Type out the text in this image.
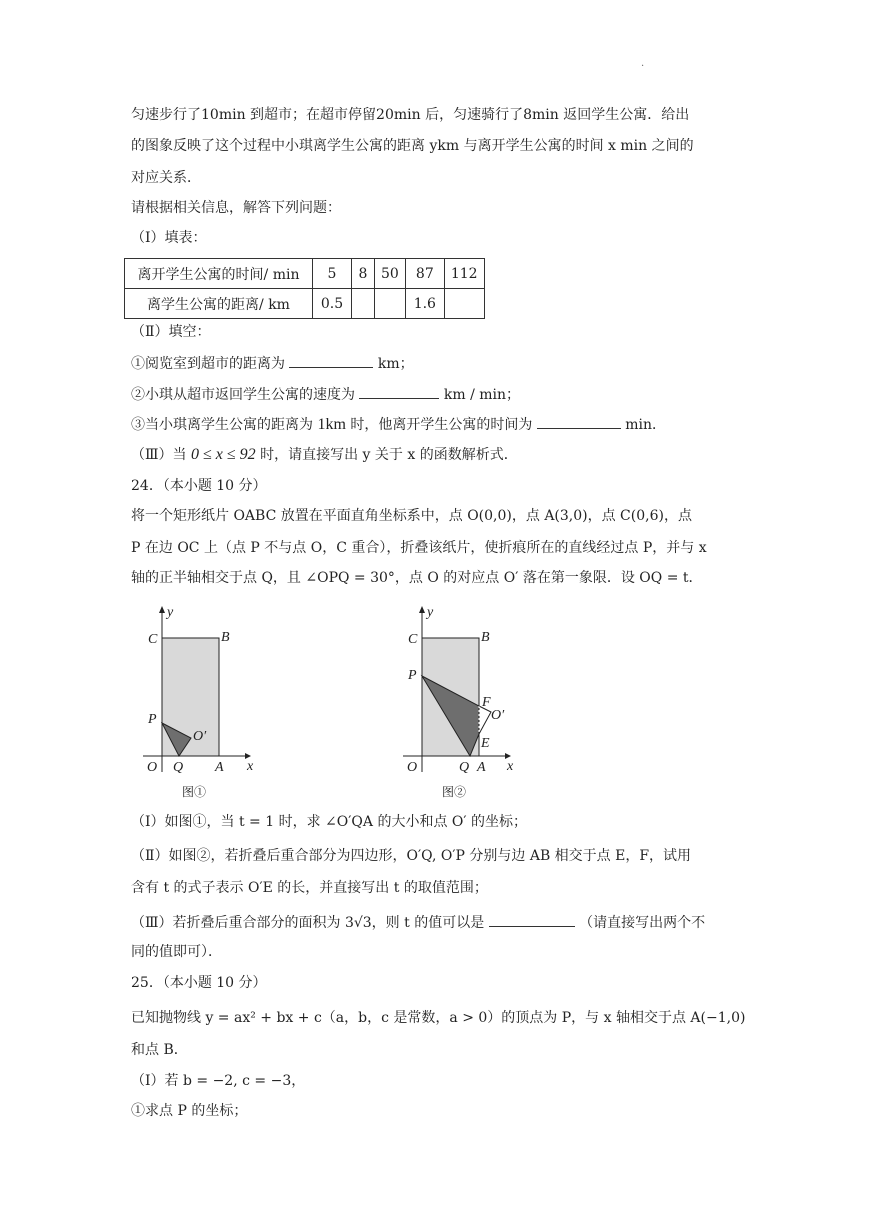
.
匀速步行了10min 到超市；在超市停留20min 后，匀速骑行了8min 返回学生公寓．给出
的图象反映了这个过程中小琪离学生公寓的距离 ykm 与离开学生公寓的时间 x min 之间的
对应关系．
请根据相关信息，解答下列问题：
（Ⅰ）填表：
离开学生公寓的时间/ min	5	8	50	87	112
离学生公寓的距离/ km	0.5			1.6	
（Ⅱ）填空：
①阅览室到超市的距离为	km；
②小琪从超市返回学生公寓的速度为	km / min；
③当小琪离学生公寓的距离为 1km 时，他离开学生公寓的时间为	min．
（Ⅲ）当 0 ≤ x ≤ 92 时，请直接写出 y 关于 x 的函数解析式．
24．（本小题 10 分）
将一个矩形纸片 OABC 放置在平面直角坐标系中，点 O(0,0)，点 A(3,0)，点 C(0,6)，点
P 在边 OC 上（点 P 不与点 O，C 重合），折叠该纸片，使折痕所在的直线经过点 P，并与 x
轴的正半轴相交于点 Q，且 ∠OPQ = 30°，点 O 的对应点 O′ 落在第一象限．设 OQ = t．
y
x
C	B
P
O′
O Q A
图①
y
x
C	B
P
F
O′
E
O	Q A
图②
（Ⅰ）如图①，当 t = 1 时，求 ∠O′QA 的大小和点 O′ 的坐标；
（Ⅱ）如图②，若折叠后重合部分为四边形，O′Q, O′P 分别与边 AB 相交于点 E，F，试用
含有 t 的式子表示 O′E 的长，并直接写出 t 的取值范围；
（Ⅲ）若折叠后重合部分的面积为 3√3，则 t 的值可以是	（请直接写出两个不
同的值即可）．
25．（本小题 10 分）
已知抛物线 y = ax² + bx + c（a，b，c 是常数，a > 0）的顶点为 P，与 x 轴相交于点 A(−1,0)
和点 B．
（Ⅰ）若 b = −2, c = −3，
①求点 P 的坐标；
